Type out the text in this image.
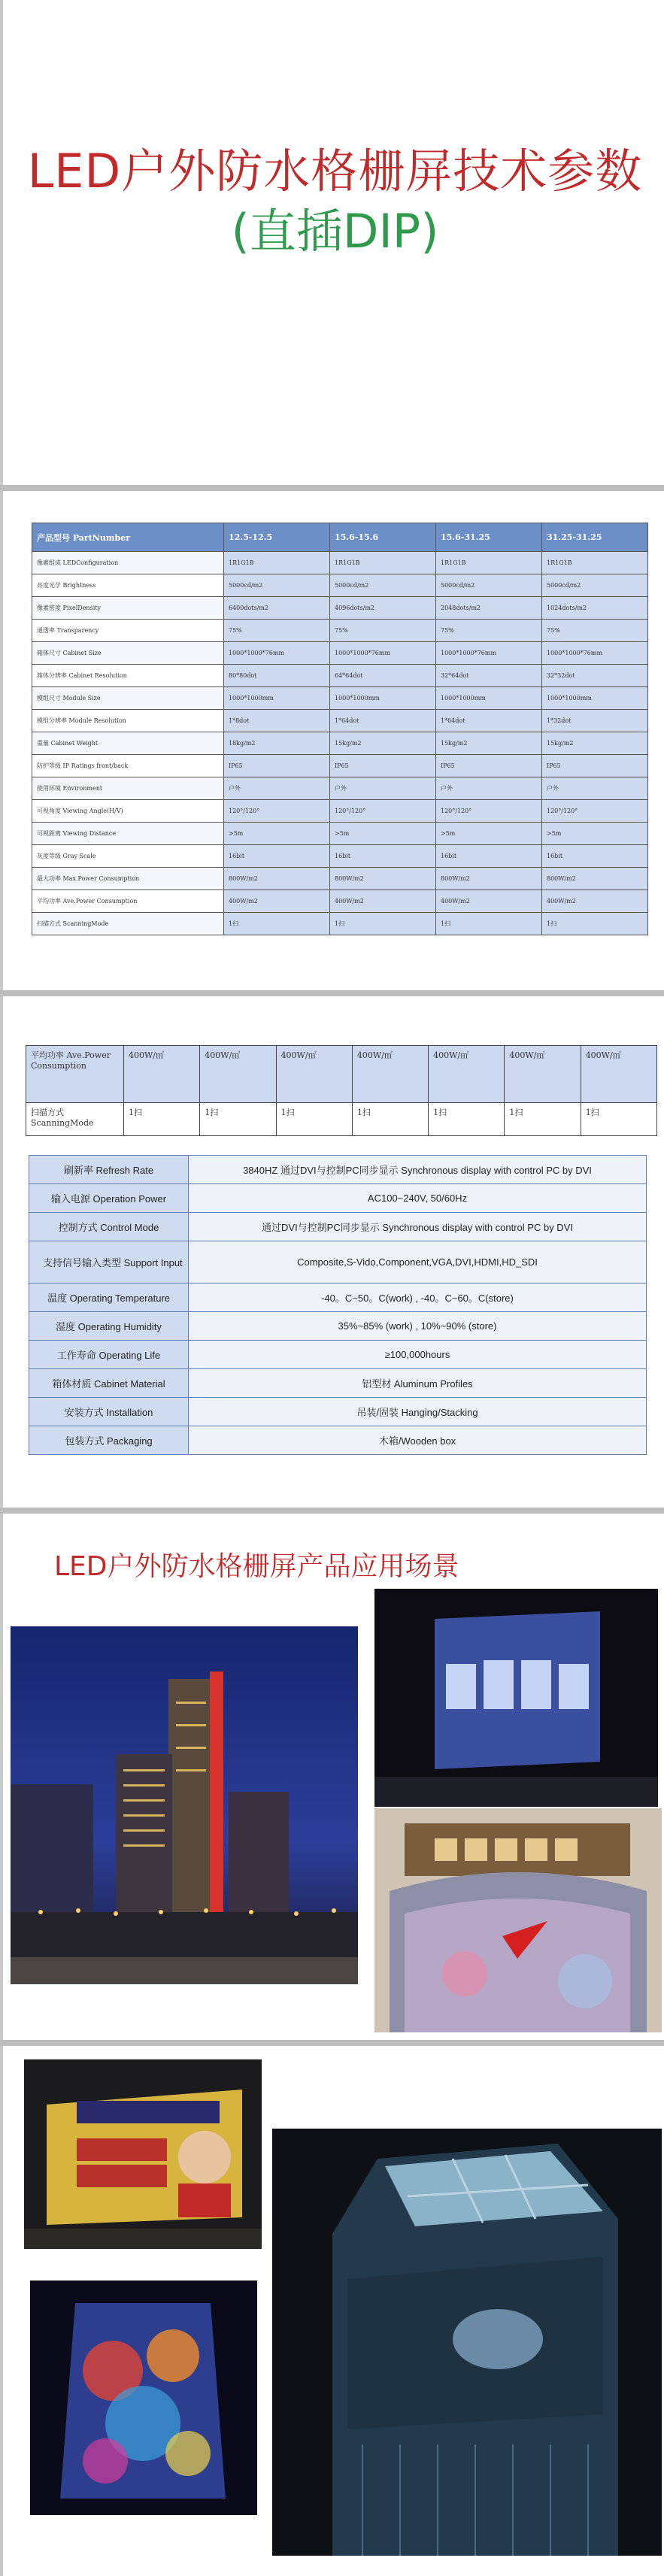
LED户外防水格栅屏技术参数
(直插DIP)
产品型号 PartNumber	12.5-12.5	15.6-15.6	15.6-31.25	31.25-31.25
像素组成 LEDConfiguration	1R1G1B	1R1G1B	1R1G1B	1R1G1B
亮度光学 Brightness	5000cd/m2	5000cd/m2	5000cd/m2	5000cd/m2
像素密度 PixelDensity	6400dots/m2	4096dots/m2	2048dots/m2	1024dots/m2
通透率 Transparency	75%	75%	75%	75%
箱体尺寸 Cabinet Size	1000*1000*76mm	1000*1000*76mm	1000*1000*76mm	1000*1000*76mm
箱体分辨率 Cabinet Resolution	80*80dot	64*64dot	32*64dot	32*32dot
模组尺寸 Module Size	1000*1000mm	1000*1000mm	1000*1000mm	1000*1000mm
模组分辨率 Module Resolution	1*8dot	1*64dot	1*64dot	1*32dot
重量 Cabinet Weight	18kg/m2	15kg/m2	15kg/m2	15kg/m2
防护等级 IP Ratings front/back	IP65	IP65	IP65	IP65
使用环境 Environment	户外	户外	户外	户外
可视角度 Viewing Angle(H/V)	120°/120°	120°/120°	120°/120°	120°/120°
可视距离 Viewing Distance	>5m	>5m	>5m	>5m
灰度等级 Gray Scale	16bit	16bit	16bit	16bit
最大功率 Max.Power Consumption	800W/m2	800W/m2	800W/m2	800W/m2
平均功率 Ave.Power Consumption	400W/m2	400W/m2	400W/m2	400W/m2
扫描方式 ScanningMode	1扫	1扫	1扫	1扫
平均功率 Ave.Power Consumption	400W/㎡	400W/㎡	400W/㎡	400W/㎡	400W/㎡	400W/㎡	400W/㎡
扫描方式 ScanningMode	1扫	1扫	1扫	1扫	1扫	1扫	1扫
刷新率 Refresh Rate	3840HZ 通过DVI与控制PC同步显示 Synchronous display with control PC by DVI
输入电源 Operation Power	AC100~240V, 50/60Hz
控制方式 Control Mode	通过DVI与控制PC同步显示 Synchronous display with control PC by DVI
支持信号输入类型 Support Input	Composite,S-Vido,Component,VGA,DVI,HDMI,HD_SDI
温度 Operating Temperature	-40。C~50。C(work) , -40。C~60。C(store)
湿度 Operating Humidity	35%~85% (work) , 10%~90% (store)
工作寿命 Operating Life	≥100,000hours
箱体材质 Cabinet Material	铝型材 Aluminum Profiles
安装方式 Installation	吊装/固装 Hanging/Stacking
包装方式 Packaging	木箱/Wooden box
LED户外防水格栅屏产品应用场景
